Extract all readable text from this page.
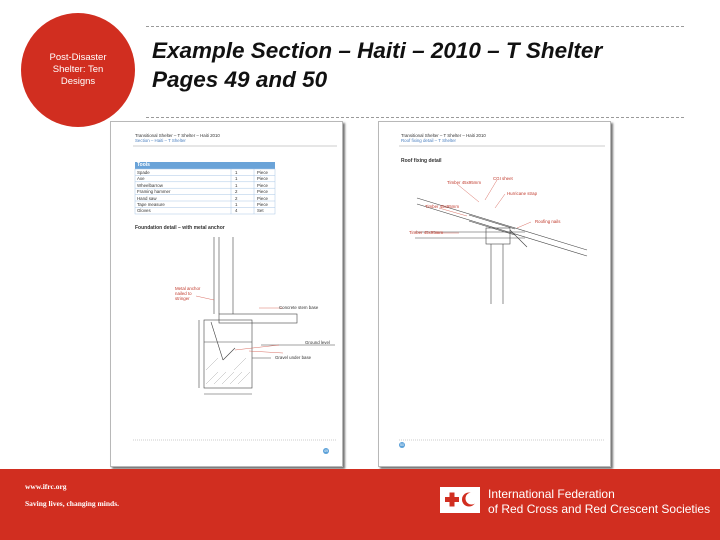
Post-Disaster Shelter: Ten Designs
Example Section – Haiti – 2010 – T Shelter
Pages 49 and 50
Transitional Shelter – T Shelter – Haiti 2010
Section – Haiti – T Shelter
Tools
Spade	1	Piece
Axe	1	Piece
Wheelbarrow	1	Piece
Framing hammer	2	Piece
Hand saw	2	Piece
Tape measure	1	Piece
Gloves	4	Set
Foundation detail – with metal anchor
Metal anchor nailed to stringer
Concrete stem base
Ground level
Gravel under base
49
Transitional Shelter – T Shelter – Haiti 2010
Roof fixing detail – T Shelter
Roof fixing detail
Timber 45x95mm
CGI sheet
Timber 45x95mm
Hurricane strap
Roofing nails
Timber 45x95mm
50
www.ifrc.org
Saving lives, changing minds.
International Federation
of Red Cross and Red Crescent Societies
